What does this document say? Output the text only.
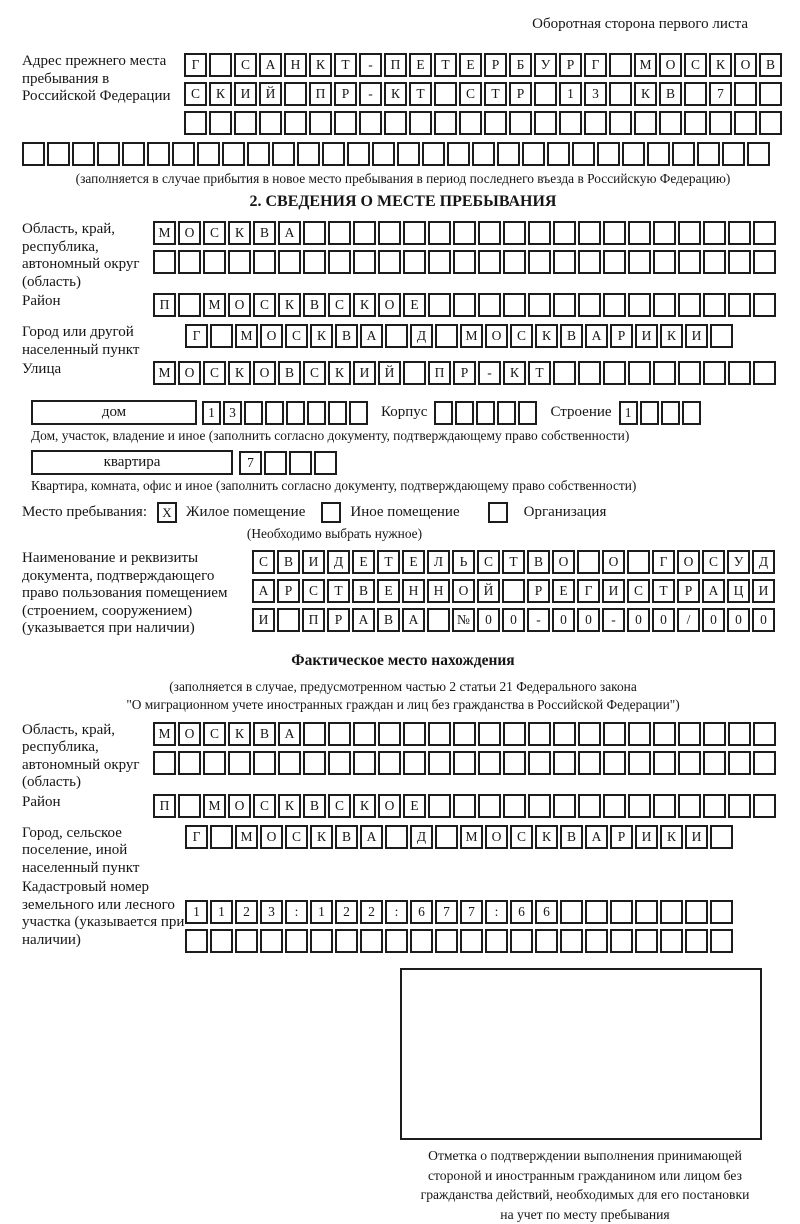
Оборотная сторона первого листа
Адрес прежнего места пребывания в Российской Федерации
Г	С	А	Н	К	Т	-	П	Е	Т	Е	Р	Б	У	Р	Г	М	О	С	К	О	В
С	К	И	Й	П	Р	-	К	Т	С	Т	Р	1	3	К	В	7
(заполняется в случае прибытия в новое место пребывания в период последнего въезда в Российскую Федерацию)
2. СВЕДЕНИЯ О МЕСТЕ ПРЕБЫВАНИЯ
Область, край, республика, автономный округ (область)
М	О	С	К	В	А
Район	П	М	О	С	К	В	С	К	О	Е
Город или другой населенный пункт
Г	М	О	С	К	В	А	Д	М	О	С	К	В	А	Р	И	К	И
Улица	М	О	С	К	О	В	С	К	И	Й	П	Р	-	К	Т
дом	1	3	Корпус	Строение 1
Дом, участок, владение и иное (заполнить согласно документу, подтверждающему право собственности)
квартира	7
Квартира, комната, офис и иное (заполнить согласно документу, подтверждающему право собственности)
Место пребывания:	X Жилое помещение	Иное помещение	Организация
(Необходимо выбрать нужное)
Наименование и реквизиты документа, подтверждающего право пользования помещением (строением, сооружением) (указывается при наличии)
С	В	И	Д	Е	Т	Е	Л	Ь	С	Т	В	О	О	Г	О	С	У	Д
А	Р	С	Т	В	Е	Н	Н	О	Й	Р	Е	Г	И	С	Т	Р	А	Ц	И
И	П	Р	А	В	А	№	0	0	-	0	0	-	0	0	/	0	0	0
Фактическое место нахождения
(заполняется в случае, предусмотренном частью 2 статьи 21 Федерального закона
"О миграционном учете иностранных граждан и лиц без гражданства в Российской Федерации")
Область, край, республика, автономный округ (область)
М	О	С	К	В	А
Район	П	М	О	С	К	В	С	К	О	Е
Город, сельское поселение, иной населенный пункт
Г	М	О	С	К	В	А	Д	М	О	С	К	В	А	Р	И	К	И
Кадастровый номер земельного или лесного участка (указывается при наличии)
1	1	2	3	:	1	2	2	:	6	7	7	:	6	6
Отметка о подтверждении выполнения принимающей
стороной и иностранным гражданином или лицом без
гражданства действий, необходимых для его постановки
на учет по месту пребывания
